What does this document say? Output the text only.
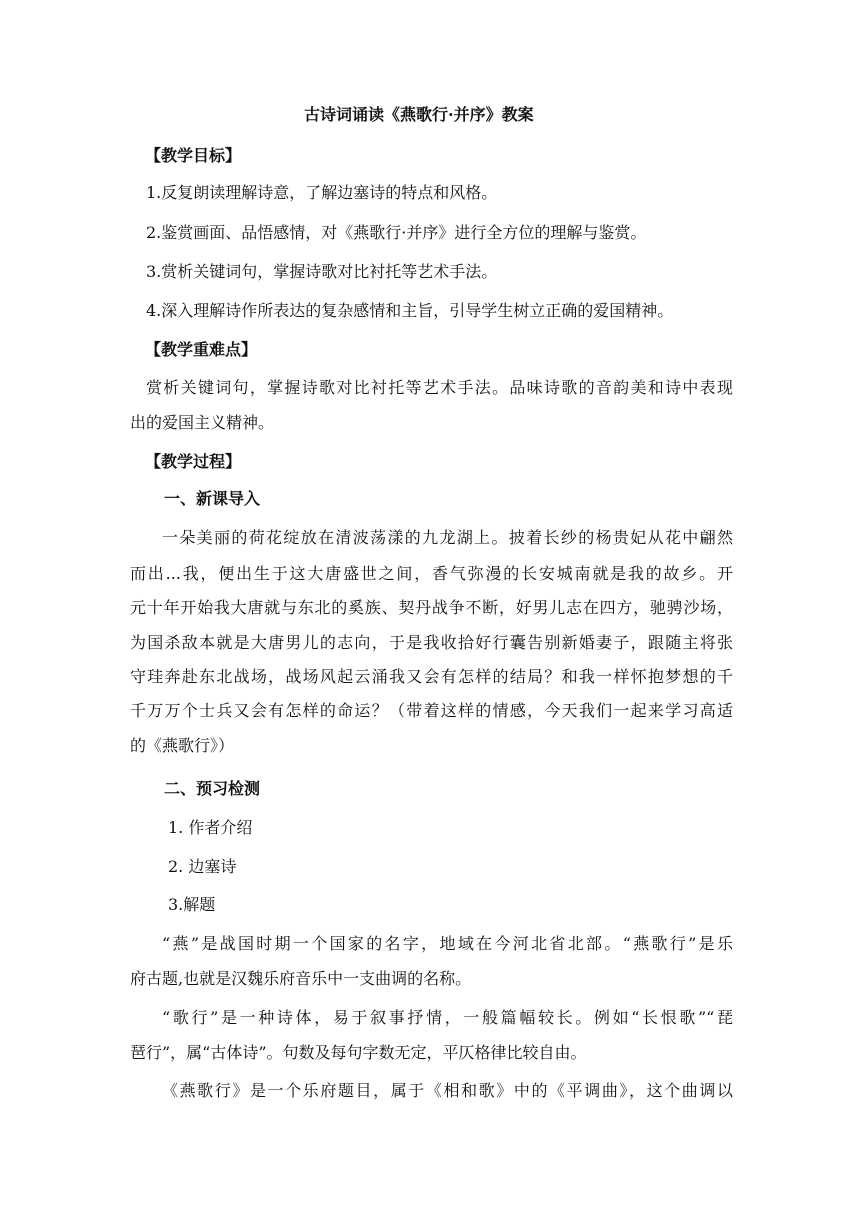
古诗词诵读《燕歌行·并序》教案
【教学目标】
1.反复朗读理解诗意，了解边塞诗的特点和风格。
2.鉴赏画面、品悟感情，对《燕歌行·并序》进行全方位的理解与鉴赏。
3.赏析关键词句，掌握诗歌对比衬托等艺术手法。
4.深入理解诗作所表达的复杂感情和主旨，引导学生树立正确的爱国精神。
【教学重难点】
赏析关键词句，掌握诗歌对比衬托等艺术手法。品味诗歌的音韵美和诗中表现
出的爱国主义精神。
【教学过程】
一、新课导入
一朵美丽的荷花绽放在清波荡漾的九龙湖上。披着长纱的杨贵妃从花中翩然
而出...我，便出生于这大唐盛世之间，香气弥漫的长安城南就是我的故乡。开
元十年开始我大唐就与东北的奚族、契丹战争不断，好男儿志在四方，驰骋沙场，
为国杀敌本就是大唐男儿的志向，于是我收拾好行囊告别新婚妻子，跟随主将张
守珪奔赴东北战场，战场风起云涌我又会有怎样的结局？和我一样怀抱梦想的千
千万万个士兵又会有怎样的命运？（带着这样的情感，今天我们一起来学习高适
的《燕歌行》）
二、预习检测
1. 作者介绍
2. 边塞诗
3.解题
“燕”是战国时期一个国家的名字，地域在今河北省北部。“燕歌行”是乐
府古题,也就是汉魏乐府音乐中一支曲调的名称。
“歌行”是一种诗体，易于叙事抒情，一般篇幅较长。例如“长恨歌”“琵
琶行”，属“古体诗”。句数及每句字数无定，平仄格律比较自由。
《燕歌行》是一个乐府题目，属于《相和歌》中的《平调曲》，这个曲调以
